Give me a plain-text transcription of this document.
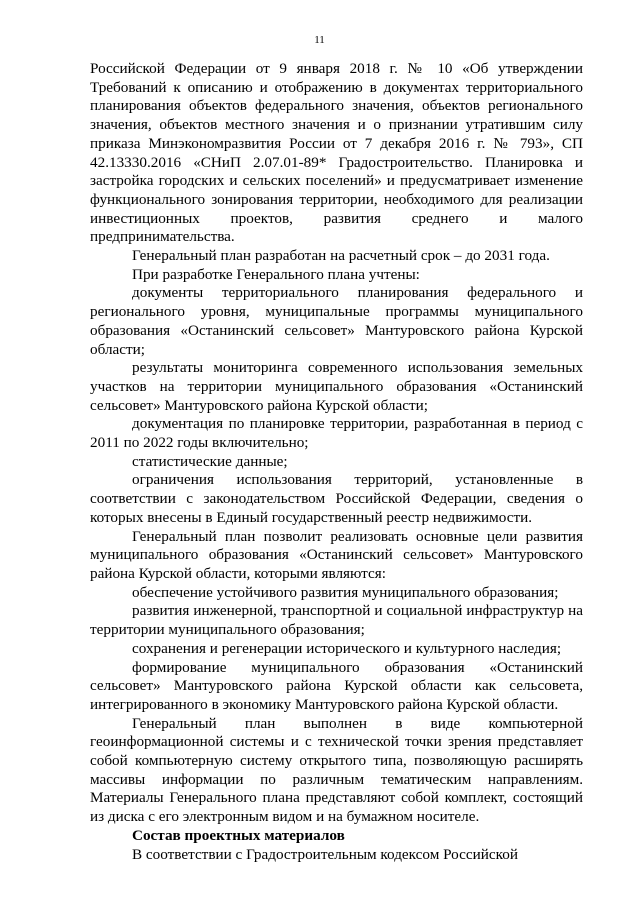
11

Российской Федерации от 9 января 2018 г. № 10 «Об утверждении Требований к описанию и отображению в документах территориального планирования объектов федерального значения, объектов регионального значения, объектов местного значения и о признании утратившим силу приказа Минэкономразвития России от 7 декабря 2016 г. № 793», СП 42.13330.2016 «СНиП 2.07.01-89* Градостроительство. Планировка и застройка городских и сельских поселений» и предусматривает изменение функционального зонирования территории, необходимого для реализации инвестиционных проектов, развития среднего и малого предпринимательства.

Генеральный план разработан на расчетный срок – до 2031 года.

При разработке Генерального плана учтены:

документы территориального планирования федерального и регионального уровня, муниципальные программы муниципального образования «Останинский сельсовет» Мантуровского района Курской области;

результаты мониторинга современного использования земельных участков на территории муниципального образования «Останинский сельсовет» Мантуровского района Курской области;

документация по планировке территории, разработанная в период с 2011 по 2022 годы включительно;

статистические данные;

ограничения использования территорий, установленные в соответствии с законодательством Российской Федерации, сведения о которых внесены в Единый государственный реестр недвижимости.

Генеральный план позволит реализовать основные цели развития муниципального образования «Останинский сельсовет» Мантуровского района Курской области, которыми являются:

обеспечение устойчивого развития муниципального образования;

развития инженерной, транспортной и социальной инфраструктур на территории муниципального образования;

сохранения и регенерации исторического и культурного наследия;

формирование муниципального образования «Останинский сельсовет» Мантуровского района Курской области как сельсовета, интегрированного в экономику Мантуровского района Курской области.

Генеральный план выполнен в виде компьютерной геоинформационной системы и с технической точки зрения представляет собой компьютерную систему открытого типа, позволяющую расширять массивы информации по различным тематическим направлениям. Материалы Генерального плана представляют собой комплект, состоящий из диска с его электронным видом и на бумажном носителе.

Состав проектных материалов

В соответствии с Градостроительным кодексом Российской
